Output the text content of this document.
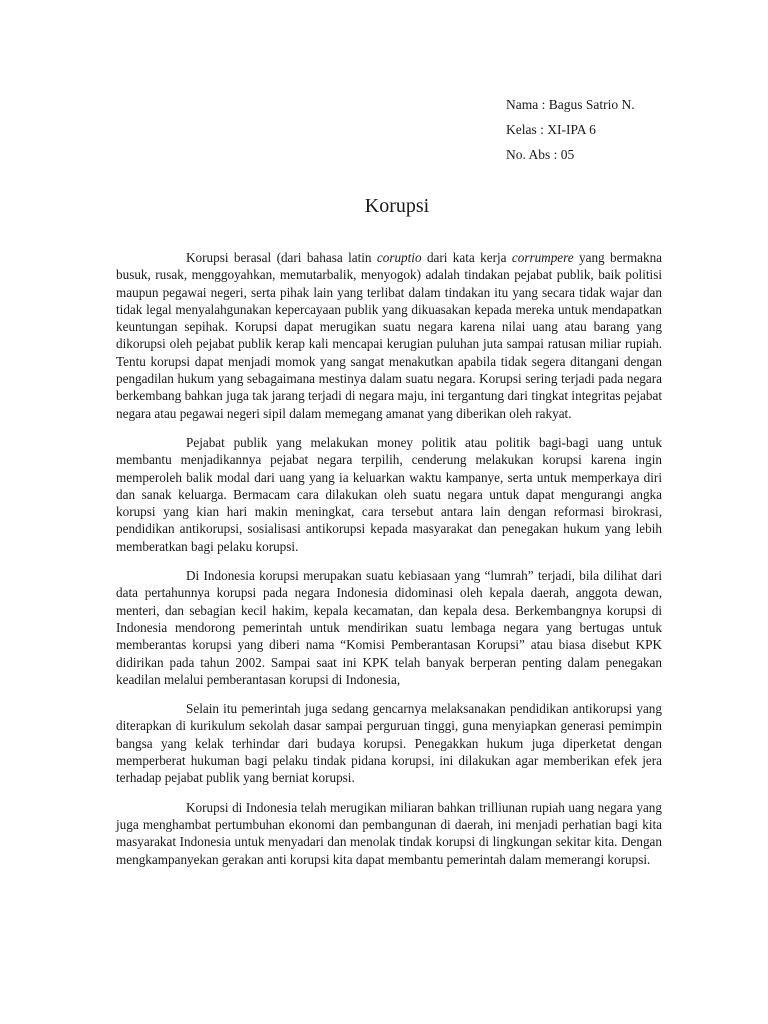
Nama : Bagus Satrio N.
Kelas : XI-IPA 6
No. Abs : 05
Korupsi

Korupsi berasal (dari bahasa latin coruptio dari kata kerja corrumpere yang bermakna busuk, rusak, menggoyahkan, memutarbalik, menyogok) adalah tindakan pejabat publik, baik politisi maupun pegawai negeri, serta pihak lain yang terlibat dalam tindakan itu yang secara tidak wajar dan tidak legal menyalahgunakan kepercayaan publik yang dikuasakan kepada mereka untuk mendapatkan keuntungan sepihak. Korupsi dapat merugikan suatu negara karena nilai uang atau barang yang dikorupsi oleh pejabat publik kerap kali mencapai kerugian puluhan juta sampai ratusan miliar rupiah. Tentu korupsi dapat menjadi momok yang sangat menakutkan apabila tidak segera ditangani dengan pengadilan hukum yang sebagaimana mestinya dalam suatu negara. Korupsi sering terjadi pada negara berkembang bahkan juga tak jarang terjadi di negara maju, ini tergantung dari tingkat integritas pejabat negara atau pegawai negeri sipil dalam memegang amanat yang diberikan oleh rakyat.

Pejabat publik yang melakukan money politik atau politik bagi-bagi uang untuk membantu menjadikannya pejabat negara terpilih, cenderung melakukan korupsi karena ingin memperoleh balik modal dari uang yang ia keluarkan waktu kampanye, serta untuk memperkaya diri dan sanak keluarga. Bermacam cara dilakukan oleh suatu negara untuk dapat mengurangi angka korupsi yang kian hari makin meningkat, cara tersebut antara lain dengan reformasi birokrasi, pendidikan antikorupsi, sosialisasi antikorupsi kepada masyarakat dan penegakan hukum yang lebih memberatkan bagi pelaku korupsi.

Di Indonesia korupsi merupakan suatu kebiasaan yang “lumrah” terjadi, bila dilihat dari data pertahunnya korupsi pada negara Indonesia didominasi oleh kepala daerah, anggota dewan, menteri, dan sebagian kecil hakim, kepala kecamatan, dan kepala desa. Berkembangnya korupsi di Indonesia mendorong pemerintah untuk mendirikan suatu lembaga negara yang bertugas untuk memberantas korupsi yang diberi nama “Komisi Pemberantasan Korupsi” atau biasa disebut KPK didirikan pada tahun 2002. Sampai saat ini KPK telah banyak berperan penting dalam penegakan keadilan melalui pemberantasan korupsi di Indonesia,

Selain itu pemerintah juga sedang gencarnya melaksanakan pendidikan antikorupsi yang diterapkan di kurikulum sekolah dasar sampai perguruan tinggi, guna menyiapkan generasi pemimpin bangsa yang kelak terhindar dari budaya korupsi. Penegakkan hukum juga diperketat dengan memperberat hukuman bagi pelaku tindak pidana korupsi, ini dilakukan agar memberikan efek jera terhadap pejabat publik yang berniat korupsi.

Korupsi di Indonesia telah merugikan miliaran bahkan trilliunan rupiah uang negara yang juga menghambat pertumbuhan ekonomi dan pembangunan di daerah, ini menjadi perhatian bagi kita masyarakat Indonesia untuk menyadari dan menolak tindak korupsi di lingkungan sekitar kita. Dengan mengkampanyekan gerakan anti korupsi kita dapat membantu pemerintah dalam memerangi korupsi.
